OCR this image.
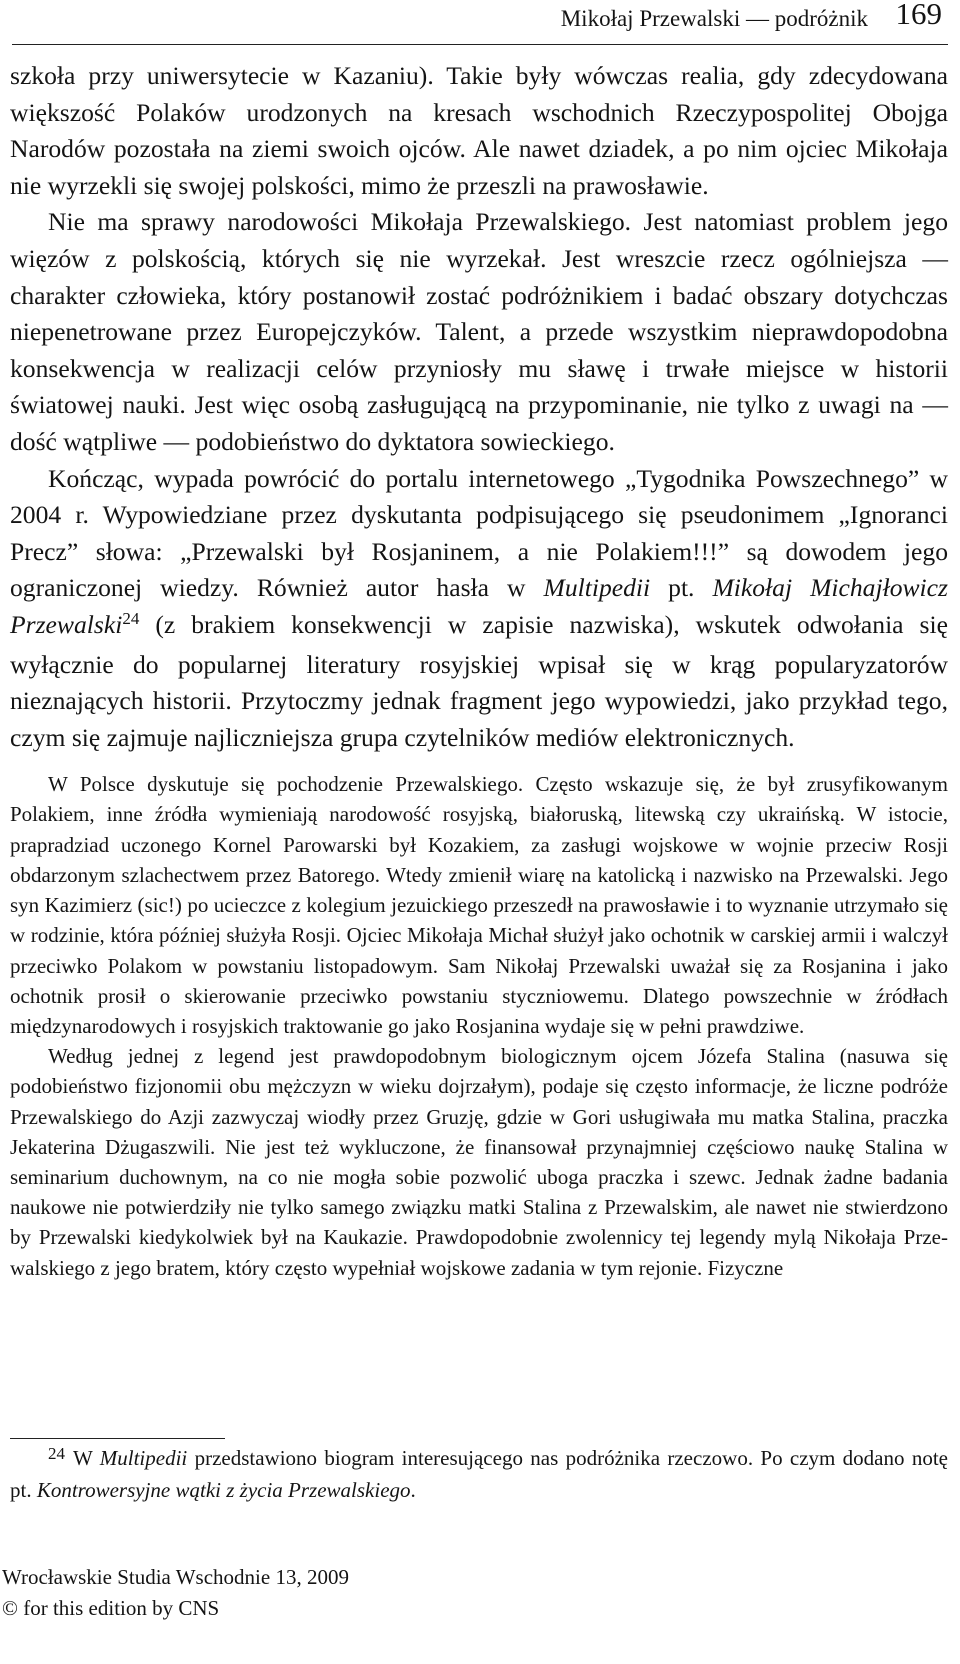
Mikołaj Przewalski — podróżnik 169

szkoła przy uniwersytecie w Kazaniu). Takie były wówczas realia, gdy zdecydowana większość Polaków urodzonych na kresach wschodnich Rzeczypospolitej Obojga Narodów pozostała na ziemi swoich ojców. Ale nawet dziadek, a po nim ojciec Mikołaja nie wyrzekli się swojej polskości, mimo że przeszli na prawosławie.

Nie ma sprawy narodowości Mikołaja Przewalskiego. Jest natomiast problem jego więzów z polskością, których się nie wyrzekał. Jest wreszcie rzecz ogólniejsza — charakter człowieka, który postanowił zostać podróżnikiem i badać obszary dotychczas niepenetrowane przez Europejczyków. Talent, a przede wszystkim nieprawdopodobna konsekwencja w realizacji celów przyniosły mu sławę i trwałe miejsce w historii światowej nauki. Jest więc osobą zasługującą na przypominanie, nie tylko z uwagi na — dość wątpliwe — podobieństwo do dyktatora sowieckiego.

Kończąc, wypada powrócić do portalu internetowego „Tygodnika Powszechnego” w 2004 r. Wypowiedziane przez dyskutanta podpisującego się pseudonimem „Ignoranci Precz” słowa: „Przewalski był Rosjaninem, a nie Polakiem!!!” są dowodem jego ograniczonej wiedzy. Również autor hasła w Multipedii pt. Mikołaj Michajłowicz Przewalski$^{24}$ (z brakiem konsekwencji w zapisie nazwiska), wskutek odwołania się wyłącznie do popularnej literatury rosyjskiej wpisał się w krąg popularyzatorów nieznających historii. Przytoczmy jednak fragment jego wypowiedzi, jako przykład tego, czym się zajmuje najliczniejsza grupa czytelników mediów elektronicznych.

W Polsce dyskutuje się pochodzenie Przewalskiego. Często wskazuje się, że był zrusyfikowanym Polakiem, inne źródła wymieniają narodowość rosyjską, białoruską, litewską czy ukraińską. W istocie, prapradziad uczonego Kornel Parowarski był Kozakiem, za zasługi wojskowe w wojnie przeciw Rosji obdarzonym szlachectwem przez Batorego. Wtedy zmienił wiarę na katolicką i nazwisko na Przewalski. Jego syn Kazimierz (sic!) po ucieczce z kolegium jezuickiego przeszedł na prawosławie i to wyznanie utrzymało się w rodzinie, która później służyła Rosji. Ojciec Mikołaja Michał służył jako ochotnik w carskiej armii i walczył przeciwko Polakom w powstaniu listopadowym. Sam Nikołaj Przewalski uważał się za Rosjanina i jako ochotnik prosił o skierowanie przeciwko powstaniu styczniowemu. Dlatego powszechnie w źródłach międzynarodowych i rosyjskich traktowanie go jako Rosjanina wydaje się w pełni prawdziwe.

Według jednej z legend jest prawdopodobnym biologicznym ojcem Józefa Stalina (nasuwa się podobieństwo fizjonomii obu mężczyzn w wieku dojrzałym), podaje się często informacje, że liczne podróże Przewalskiego do Azji zazwyczaj wiodły przez Gruzję, gdzie w Gori usługiwała mu matka Stalina, praczka Jekaterina Dżugaszwili. Nie jest też wykluczone, że finansował przynajmniej częściowo naukę Stalina w seminarium duchownym, na co nie mogła sobie pozwolić uboga praczka i szewc. Jednak żadne badania naukowe nie potwierdziły nie tylko samego związku matki Stalina z Przewalskim, ale nawet nie stwierdzono by Przewalski kiedykolwiek był na Kaukazie. Prawdopodobnie zwolennicy tej legendy mylą Nikołaja Przewalskiego z jego bratem, który często wypełniał wojskowe zadania w tym rejonie. Fizyczne

$^{24}$ W Multipedii przedstawiono biogram interesującego nas podróżnika rzeczowo. Po czym dodano notę pt. Kontrowersyjne wątki z życia Przewalskiego.

Wrocławskie Studia Wschodnie 13, 2009
© for this edition by CNS
